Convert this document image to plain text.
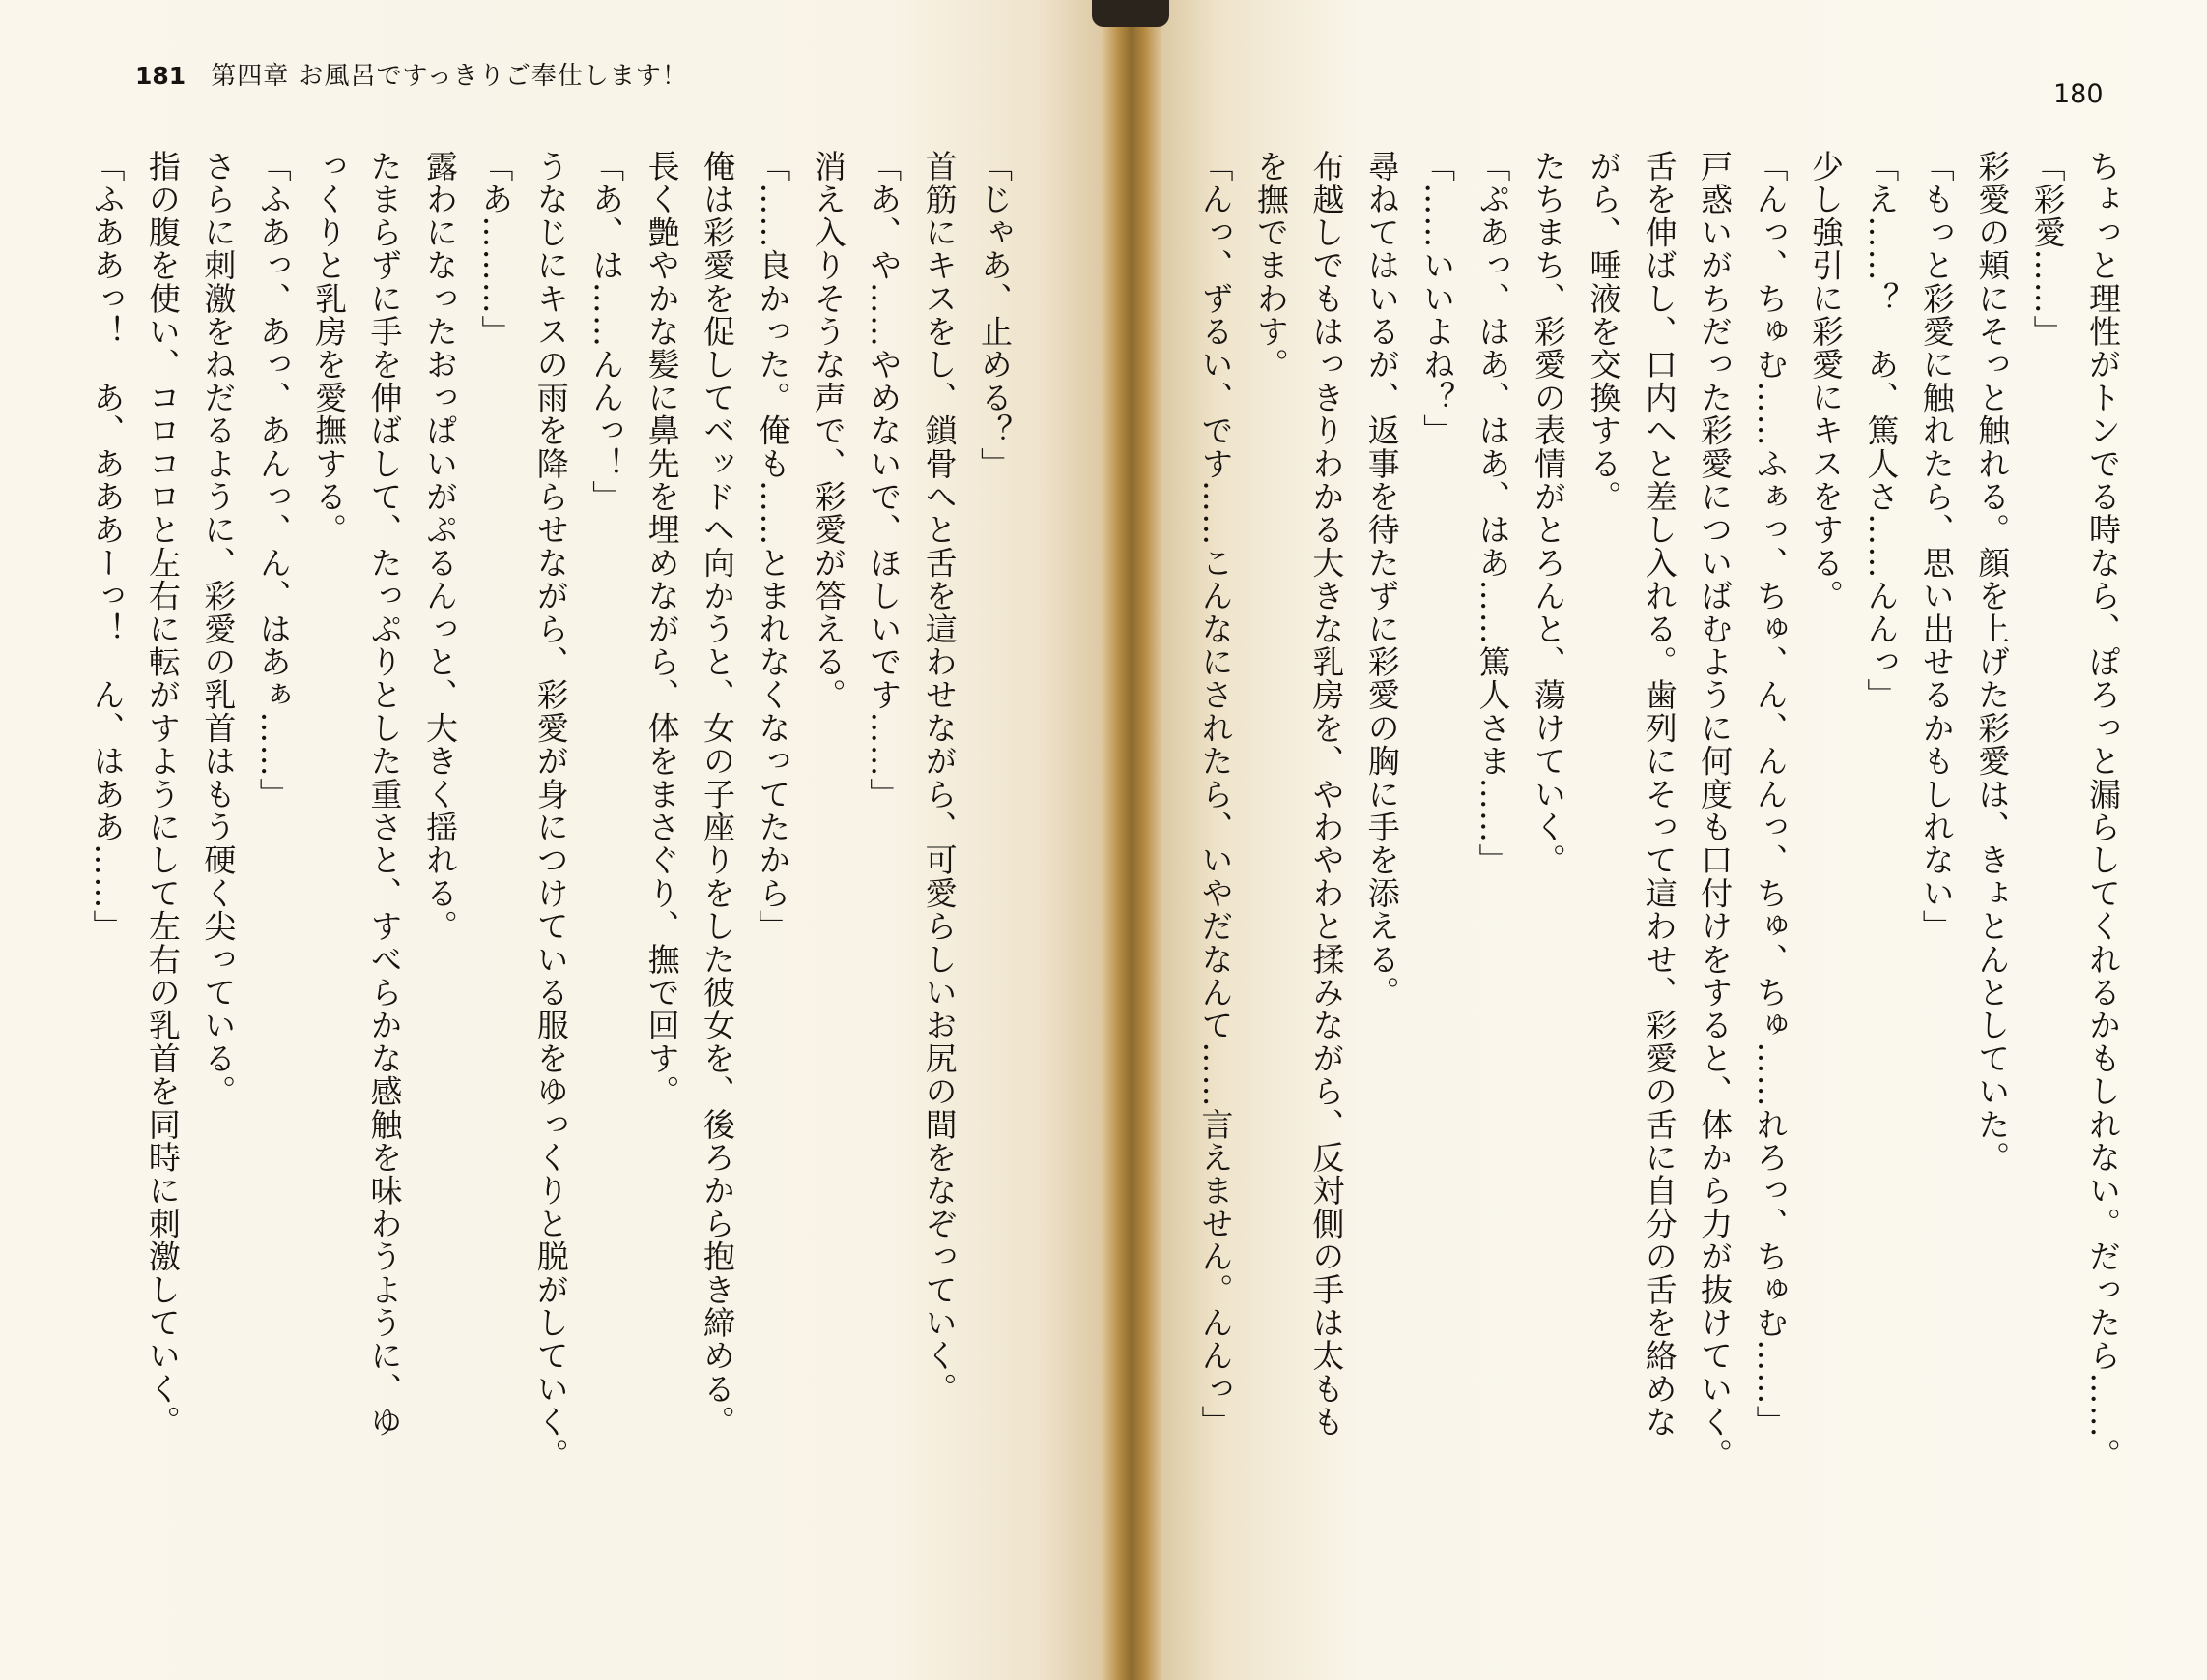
181 第四章 お風呂ですっきりご奉仕します！
180
ちょっと理性がトンでる時なら、ぽろっと漏らしてくれるかもしれない。だったら……。
「彩愛……」
彩愛の頬にそっと触れる。顔を上げた彩愛は、きょとんとしていた。
「もっと彩愛に触れたら、思い出せるかもしれない」
「え……？　あ、篤人さ……んんっ」
少し強引に彩愛にキスをする。
「んっ、ちゅむ……ふぁっ、ちゅ、ん、んんっ、ちゅ、ちゅ……れろっ、ちゅむ……」
戸惑いがちだった彩愛についばむように何度も口付けをすると、体から力が抜けていく。
舌を伸ばし、口内へと差し入れる。歯列にそって這わせ、彩愛の舌に自分の舌を絡めな
がら、唾液を交換する。
たちまち、彩愛の表情がとろんと、蕩けていく。
「ぷあっ、はあ、はあ、はあ……篤人さま……」
「……いいよね？」
尋ねてはいるが、返事を待たずに彩愛の胸に手を添える。
布越しでもはっきりわかる大きな乳房を、やわやわと揉みながら、反対側の手は太もも
を撫でまわす。
「んっ、ずるい、です……こんなにされたら、いやだなんて……言えません。んんっ」
「じゃあ、止める？」
首筋にキスをし、鎖骨へと舌を這わせながら、可愛らしいお尻の間をなぞっていく。
「あ、や……やめないで、ほしいです……」
消え入りそうな声で、彩愛が答える。
「……良かった。俺も……とまれなくなってたから」
俺は彩愛を促してベッドへ向かうと、女の子座りをした彼女を、後ろから抱き締める。
長く艶やかな髪に鼻先を埋めながら、体をまさぐり、撫で回す。
「あ、は……んんっ！」
うなじにキスの雨を降らせながら、彩愛が身につけている服をゆっくりと脱がしていく。
「あ………」
露わになったおっぱいがぷるんっと、大きく揺れる。
たまらずに手を伸ばして、たっぷりとした重さと、すべらかな感触を味わうように、ゆ
っくりと乳房を愛撫する。
「ふあっ、あっ、あんっ、ん、はあぁ……」
さらに刺激をねだるように、彩愛の乳首はもう硬く尖っている。
指の腹を使い、コロコロと左右に転がすようにして左右の乳首を同時に刺激していく。
「ふああっ！　あ、あああーっ！　ん、はああ……」
